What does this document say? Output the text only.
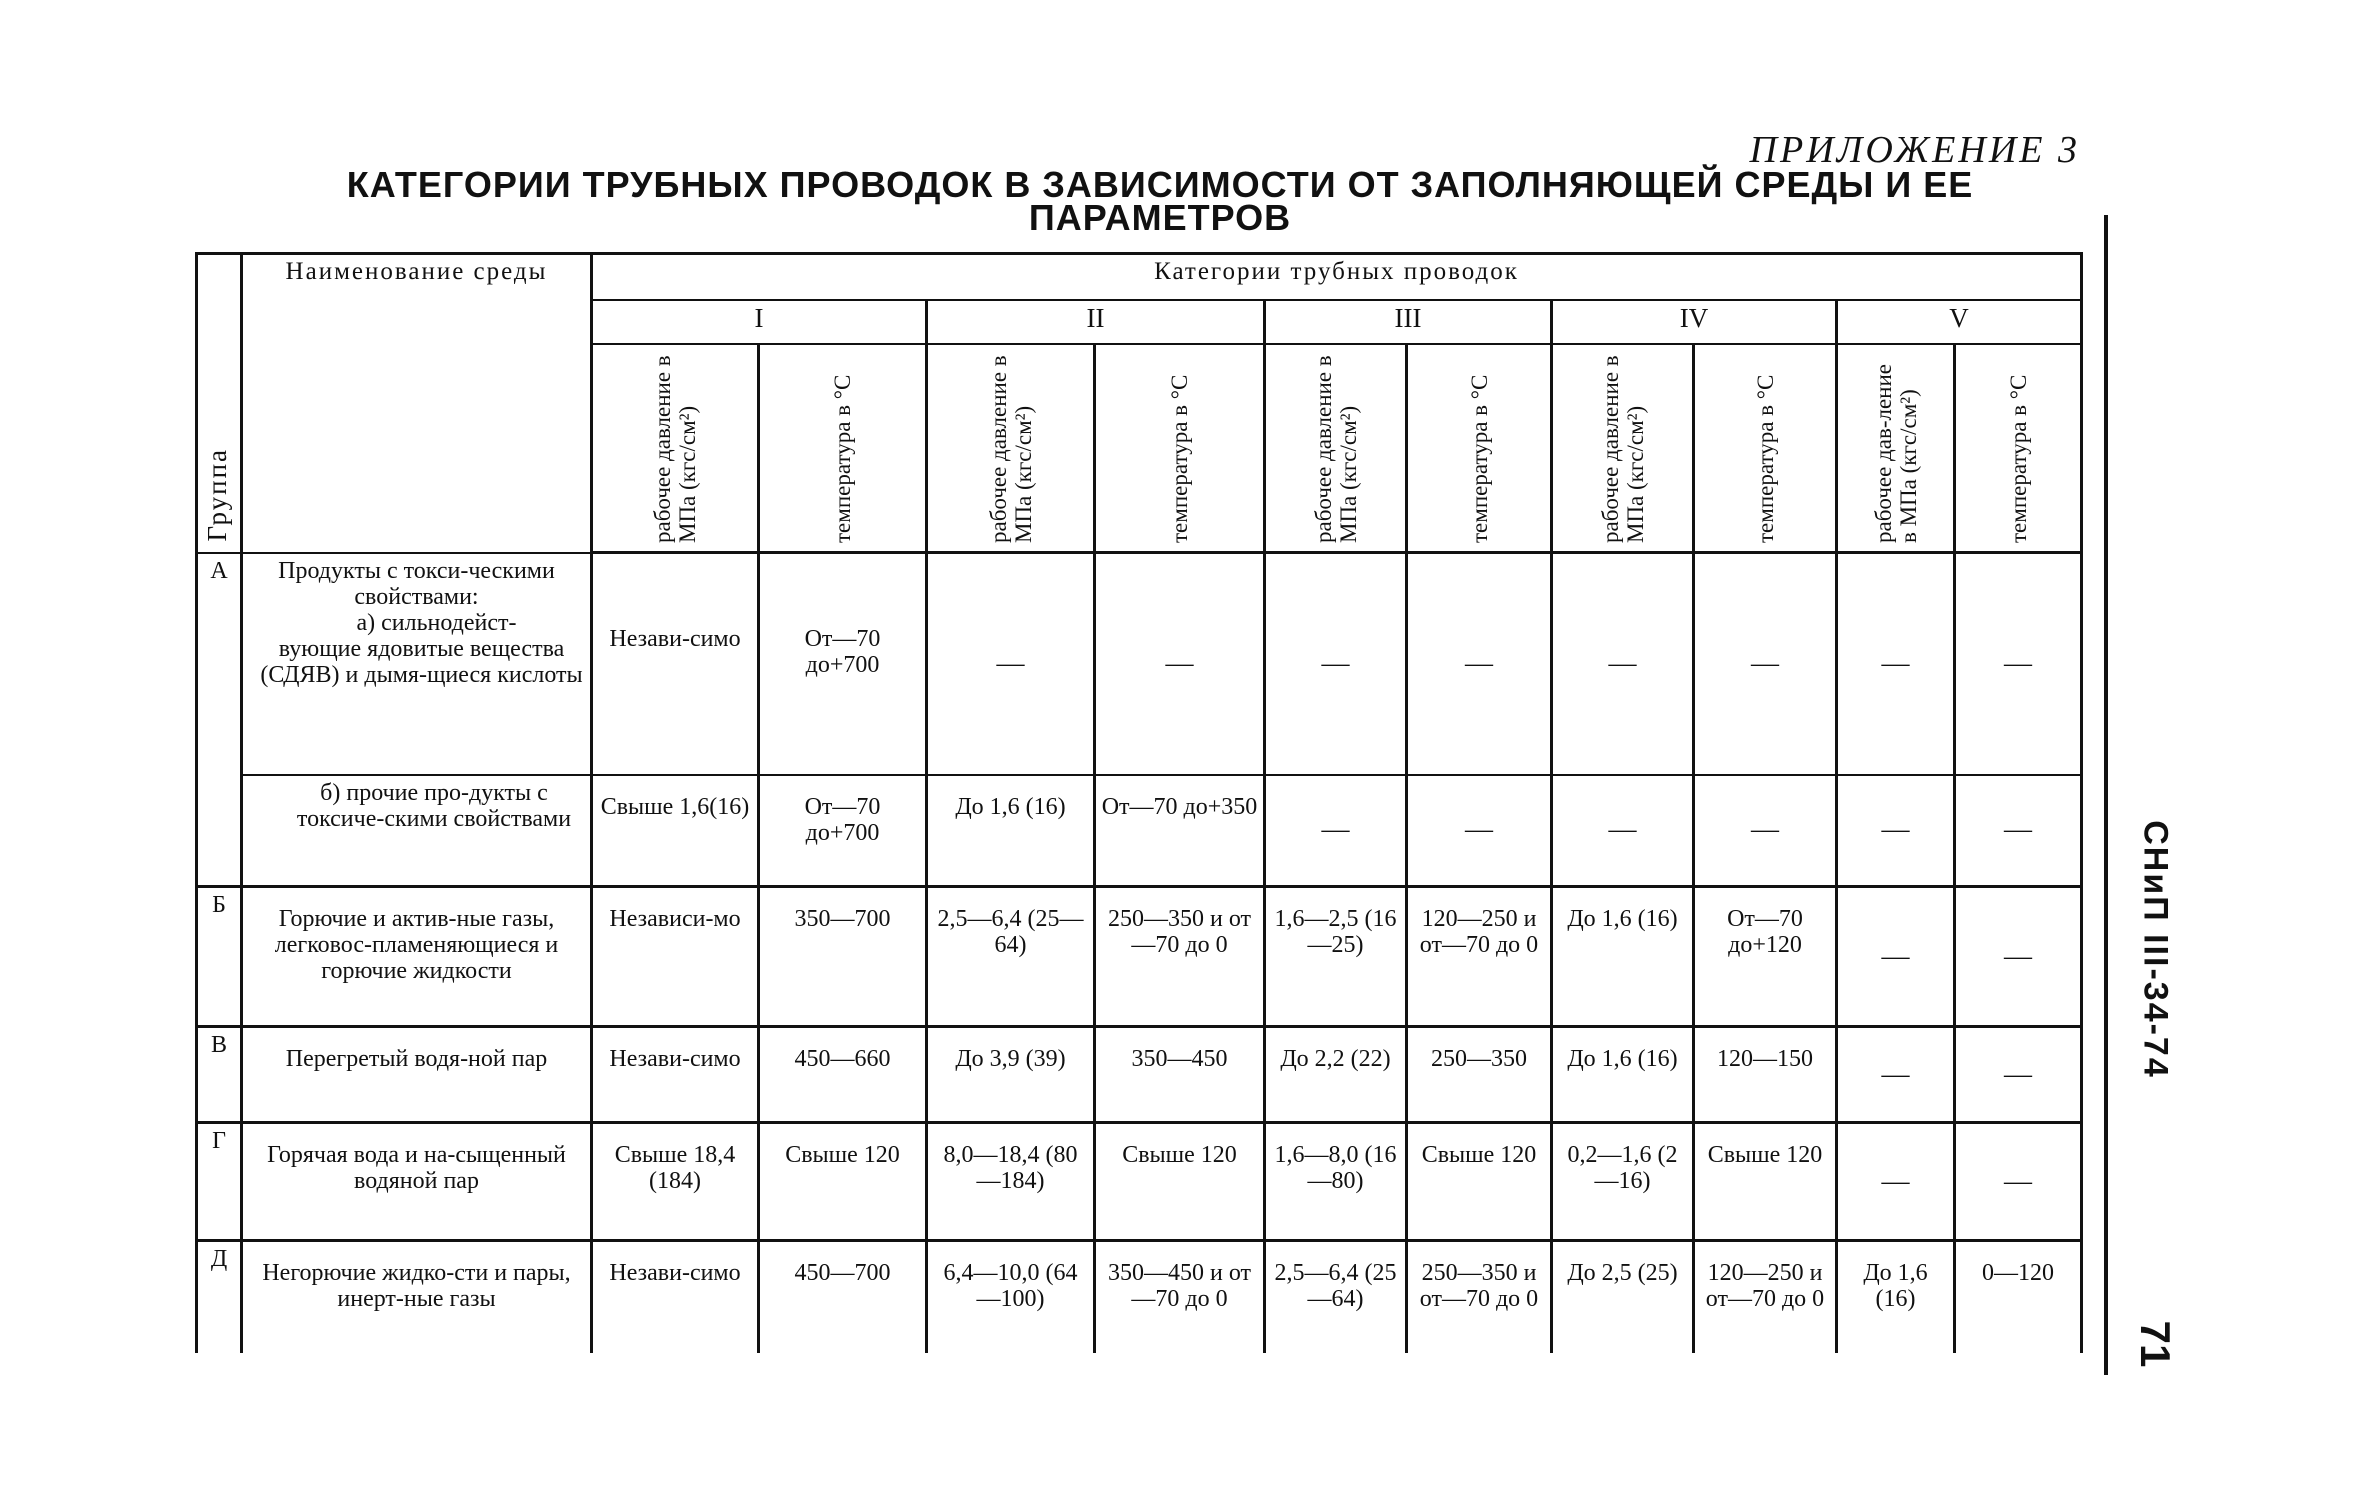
ПРИЛОЖЕНИЕ 3
КАТЕГОРИИ ТРУБНЫХ ПРОВОДОК В ЗАВИСИМОСТИ ОТ ЗАПОЛНЯЮЩЕЙ СРЕДЫ И ЕЕ
ПАРАМЕТРОВ
СНиП III-34-74
71
Группа	Наименование среды	Категории трубных проводок									
		I		II		III		IV		V	

		рабочее давление в МПа (кгс/см²)	температура в °С	рабочее давление в МПа (кгс/см²)	температура в °С	рабочее давление в МПа (кгс/см²)	температура в °С	рабочее давление в МПа (кгс/см²)	температура в °С	рабочее дав-ление в МПа (кгс/см²)	температура в °С

А	Продукты с токси-ческими свойствами:

а) сильнодейст-

вующие ядовитые вещества (СДЯВ) и дымя-щиеся кислоты	Незави-симо	От—70 до+700	—	—	—	—	—	—	—	—
	б) прочие про-дукты с токсиче-скими свойствами	Свыше 1,6(16)	От—70 до+700	До 1,6 (16)	От—70 до+350	—	—	—	—	—	—
Б	Горючие и актив-ные газы, легковос-пламеняющиеся и горючие жидкости	Независи-мо	350—700	2,5—6,4 (25—64)	250—350 и от—70 до 0	1,6—2,5 (16—25)	120—250 и от—70 до 0	До 1,6 (16)	От—70 до+120	—	—
В	Перегретый водя-ной пар	Незави-симо	450—660	До 3,9 (39)	350—450	До 2,2 (22)	250—350	До 1,6 (16)	120—150	—	—
Г	Горячая вода и на-сыщенный водяной пар	Свыше 18,4 (184)	Свыше 120	8,0—18,4 (80—184)	Свыше 120	1,6—8,0 (16—80)	Свыше 120	0,2—1,6 (2—16)	Свыше 120	—	—
Д	Негорючие жидко-сти и пары, инерт-ные газы	Незави-симо	450—700	6,4—10,0 (64—100)	350—450 и от—70 до 0	2,5—6,4 (25—64)	250—350 и от—70 до 0	До 2,5 (25)	120—250 и от—70 до 0	До 1,6 (16)	0—120
